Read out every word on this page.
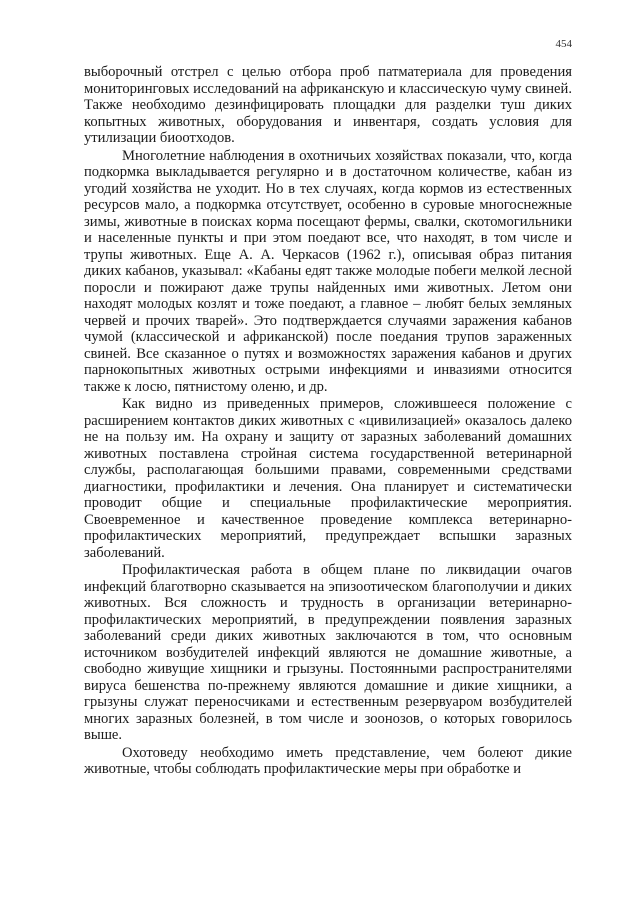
454

выборочный отстрел с целью отбора проб патматериала для проведения мониторинговых исследований на африканскую и классическую чуму свиней. Также необходимо дезинфицировать площадки для разделки туш диких копытных животных, оборудования и инвентаря, создать условия для утилизации биоотходов.

Многолетние наблюдения в охотничьих хозяйствах показали, что, когда подкормка выкладывается регулярно и в достаточном количестве, кабан из угодий хозяйства не уходит. Но в тех случаях, когда кормов из естественных ресурсов мало, а подкормка отсутствует, особенно в суровые многоснежные зимы, животные в поисках корма посещают фермы, свалки, скотомогильники и населенные пункты и при этом поедают все, что находят, в том числе и трупы животных. Еще А. А. Черкасов (1962 г.), описывая образ питания диких кабанов, указывал: «Кабаны едят также молодые побеги мелкой лесной поросли и пожирают даже трупы найденных ими животных. Летом они находят молодых козлят и тоже поедают, а главное – любят белых земляных червей и прочих тварей». Это подтверждается случаями заражения кабанов чумой (классической и африканской) после поедания трупов зараженных свиней. Все сказанное о путях и возможностях заражения кабанов и других парнокопытных животных острыми инфекциями и инвазиями относится также к лосю, пятнистому оленю, и др.

Как видно из приведенных примеров, сложившееся положение с расширением контактов диких животных с «цивилизацией» оказалось далеко не на пользу им. На охрану и защиту от заразных заболеваний домашних животных поставлена стройная система государственной ветеринарной службы, располагающая большими правами, современными средствами диагностики, профилактики и лечения. Она планирует и систематически проводит общие и специальные профилактические мероприятия. Своевременное и качественное проведение комплекса ветеринарно-профилактических мероприятий, предупреждает вспышки заразных заболеваний.

Профилактическая работа в общем плане по ликвидации очагов инфекций благотворно сказывается на эпизоотическом благополучии и диких животных. Вся сложность и трудность в организации ветеринарно-профилактических мероприятий, в предупреждении появления заразных заболеваний среди диких животных заключаются в том, что основным источником возбудителей инфекций являются не домашние животные, а свободно живущие хищники и грызуны. Постоянными распространителями вируса бешенства по-прежнему являются домашние и дикие хищники, а грызуны служат переносчиками и естественным резервуаром возбудителей многих заразных болезней, в том числе и зоонозов, о которых говорилось выше.

Охотоведу необходимо иметь представление, чем болеют дикие животные, чтобы соблюдать профилактические меры при обработке и
